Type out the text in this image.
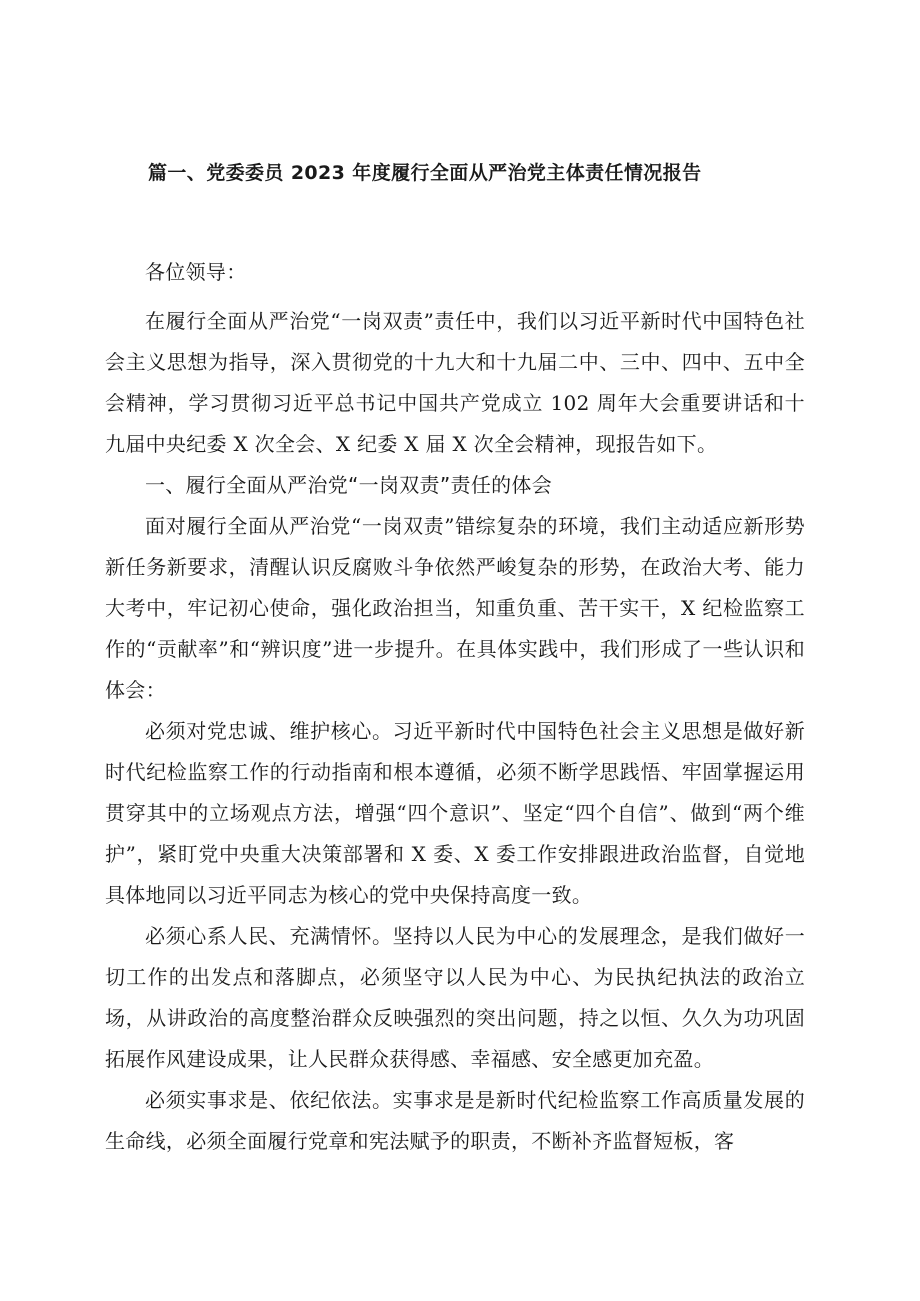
篇一、党委委员 2023 年度履行全面从严治党主体责任情况报告

各位领导：

在履行全面从严治党“一岗双责”责任中，我们以习近平新时代中国特色社会主义思想为指导，深入贯彻党的十九大和十九届二中、三中、四中、五中全会精神，学习贯彻习近平总书记中国共产党成立 102 周年大会重要讲话和十九届中央纪委 X 次全会、X 纪委 X 届 X 次全会精神，现报告如下。

一、履行全面从严治党“一岗双责”责任的体会

面对履行全面从严治党“一岗双责”错综复杂的环境，我们主动适应新形势新任务新要求，清醒认识反腐败斗争依然严峻复杂的形势，在政治大考、能力大考中，牢记初心使命，强化政治担当，知重负重、苦干实干，X 纪检监察工作的“贡献率”和“辨识度”进一步提升。在具体实践中，我们形成了一些认识和体会：

必须对党忠诚、维护核心。习近平新时代中国特色社会主义思想是做好新时代纪检监察工作的行动指南和根本遵循，必须不断学思践悟、牢固掌握运用贯穿其中的立场观点方法，增强“四个意识”、坚定“四个自信”、做到“两个维护”，紧盯党中央重大决策部署和 X 委、X 委工作安排跟进政治监督，自觉地具体地同以习近平同志为核心的党中央保持高度一致。

必须心系人民、充满情怀。坚持以人民为中心的发展理念，是我们做好一切工作的出发点和落脚点，必须坚守以人民为中心、为民执纪执法的政治立场，从讲政治的高度整治群众反映强烈的突出问题，持之以恒、久久为功巩固拓展作风建设成果，让人民群众获得感、幸福感、安全感更加充盈。

必须实事求是、依纪依法。实事求是是新时代纪检监察工作高质量发展的生命线，必须全面履行党章和宪法赋予的职责，不断补齐监督短板，客
